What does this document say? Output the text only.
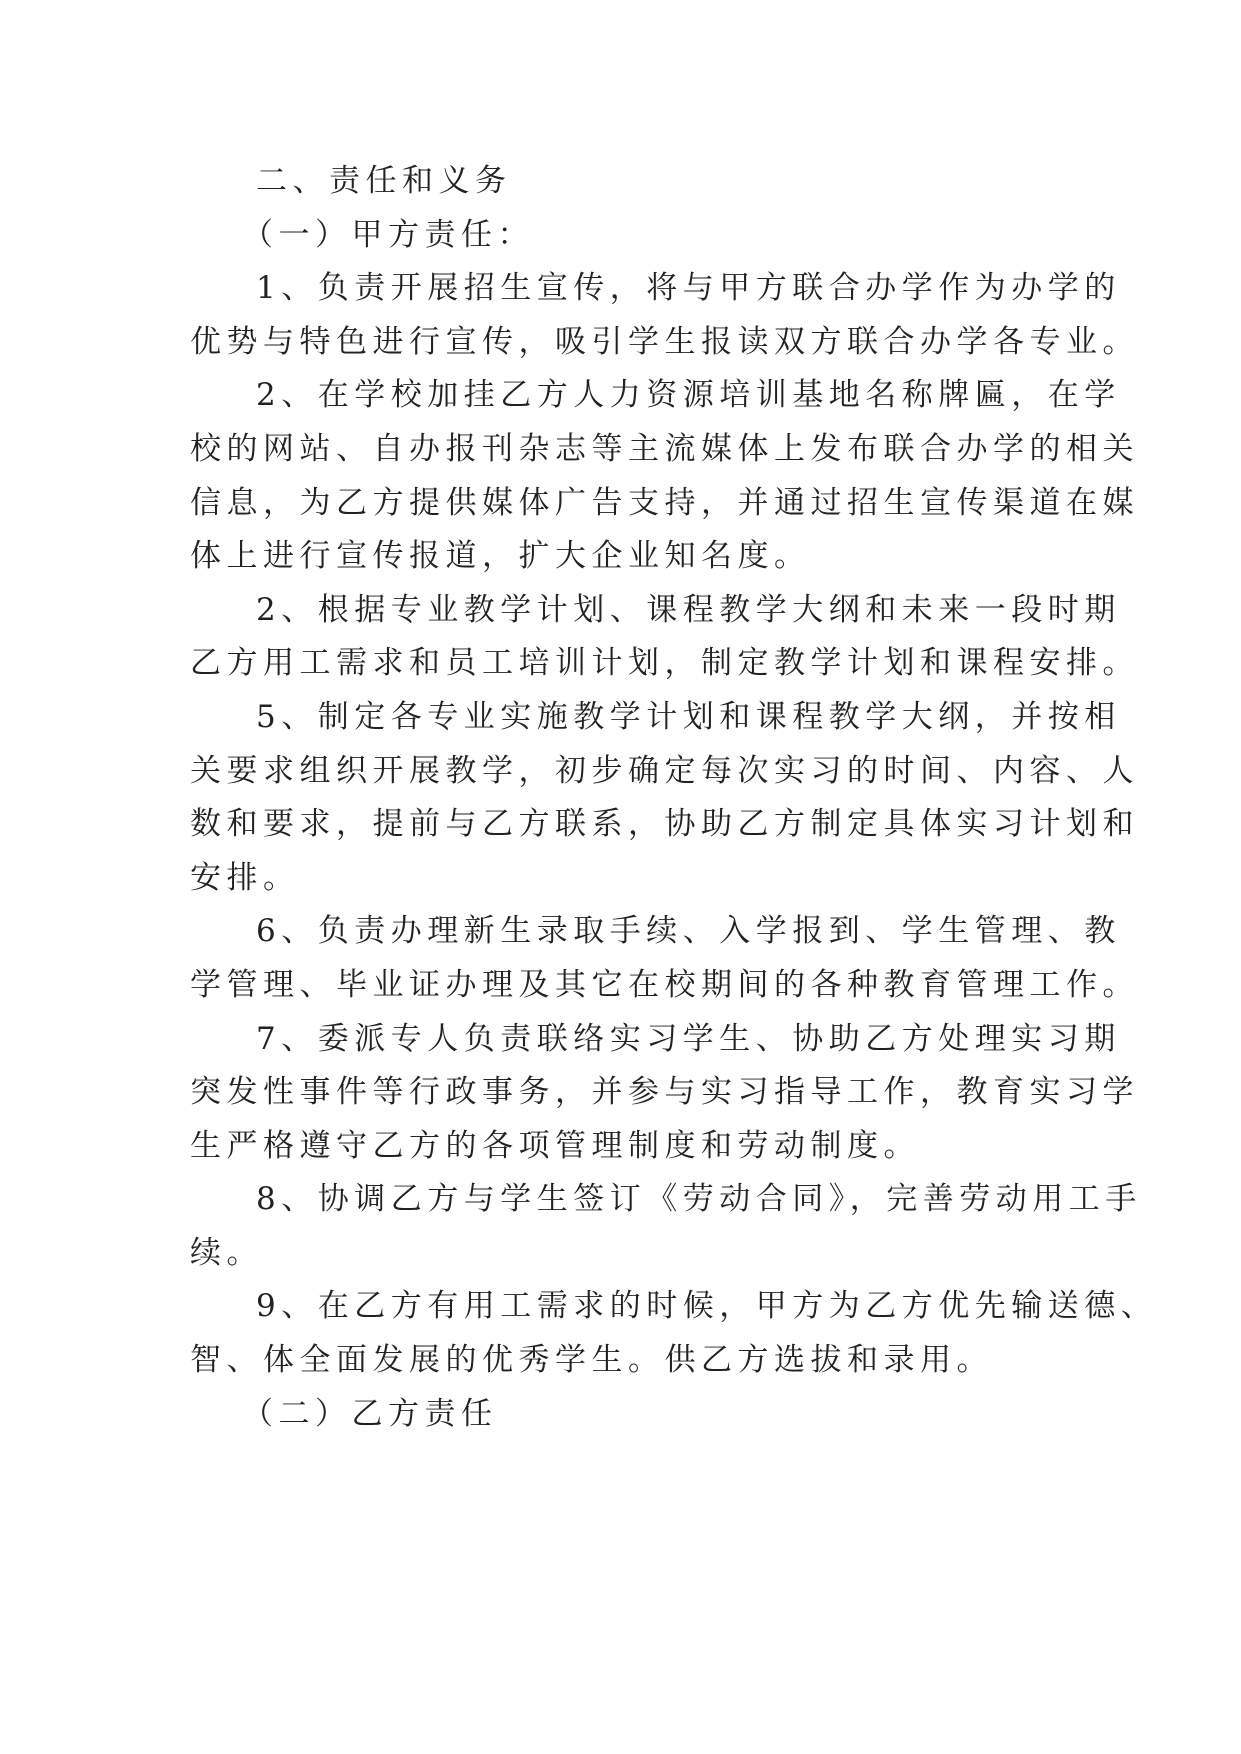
二、责任和义务
（一）甲方责任：
1、负责开展招生宣传，将与甲方联合办学作为办学的
优势与特色进行宣传，吸引学生报读双方联合办学各专业。
2、在学校加挂乙方人力资源培训基地名称牌匾，在学
校的网站、自办报刊杂志等主流媒体上发布联合办学的相关
信息，为乙方提供媒体广告支持，并通过招生宣传渠道在媒
体上进行宣传报道，扩大企业知名度。
2、根据专业教学计划、课程教学大纲和未来一段时期
乙方用工需求和员工培训计划，制定教学计划和课程安排。
5、制定各专业实施教学计划和课程教学大纲，并按相
关要求组织开展教学，初步确定每次实习的时间、内容、人
数和要求，提前与乙方联系，协助乙方制定具体实习计划和
安排。
6、负责办理新生录取手续、入学报到、学生管理、教
学管理、毕业证办理及其它在校期间的各种教育管理工作。
7、委派专人负责联络实习学生、协助乙方处理实习期
突发性事件等行政事务，并参与实习指导工作，教育实习学
生严格遵守乙方的各项管理制度和劳动制度。
8、协调乙方与学生签订《劳动合同》，完善劳动用工手
续。
9、在乙方有用工需求的时候，甲方为乙方优先输送德、
智、体全面发展的优秀学生。供乙方选拔和录用。
（二）乙方责任
